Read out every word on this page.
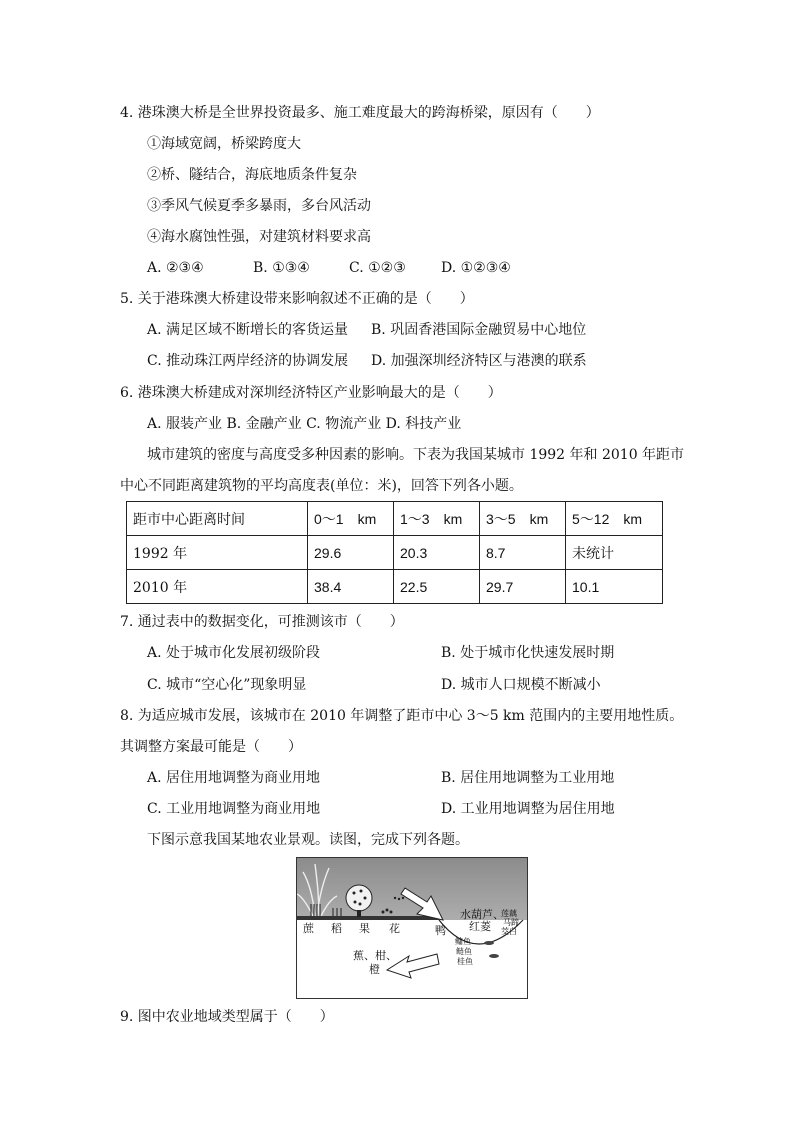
4. 港珠澳大桥是全世界投资最多、施工难度最大的跨海桥梁，原因有（　　）
①海域宽阔，桥梁跨度大
②桥、隧结合，海底地质条件复杂
③季风气候夏季多暴雨，多台风活动
④海水腐蚀性强，对建筑材料要求高
A. ②③④	B. ①③④	C. ①②③	D. ①②③④
5. 关于港珠澳大桥建设带来影响叙述不正确的是（　　）
A. 满足区域不断增长的客货运量 B. 巩固香港国际金融贸易中心地位
C. 推动珠江两岸经济的协调发展 D. 加强深圳经济特区与港澳的联系
6. 港珠澳大桥建成对深圳经济特区产业影响最大的是（　　）
A. 服装产业 B. 金融产业 C. 物流产业 D. 科技产业
城市建筑的密度与高度受多种因素的影响。下表为我国某城市 1992 年和 2010 年距市
中心不同距离建筑物的平均高度表(单位：米)，回答下列各小题。
距市中心距离时间	0～1　km	1～3　km	3～5　km	5～12　km
1992 年	29.6	20.3	8.7	未统计
2010 年	38.4	22.5	29.7	10.1
7. 通过表中的数据变化，可推测该市（　　）
A. 处于城市化发展初级阶段	B. 处于城市化快速发展时期
C. 城市“空心化”现象明显	D. 城市人口规模不断减小
8. 为适应城市发展，该城市在 2010 年调整了距市中心 3～5 km 范围内的主要用地性质。
其调整方案最可能是（　　）
A. 居住用地调整为商业用地	B. 居住用地调整为工业用地
C. 工业用地调整为商业用地	D. 工业用地调整为居住用地
下图示意我国某地农业景观。读图，完成下列各题。
蔗 稻 果 花	鸭
水葫芦、
红菱
蕉、柑、
橙
莲藕
马蹄
茭白
鳙鱼
鲢鱼
桂鱼
9. 图中农业地域类型属于（　　）
